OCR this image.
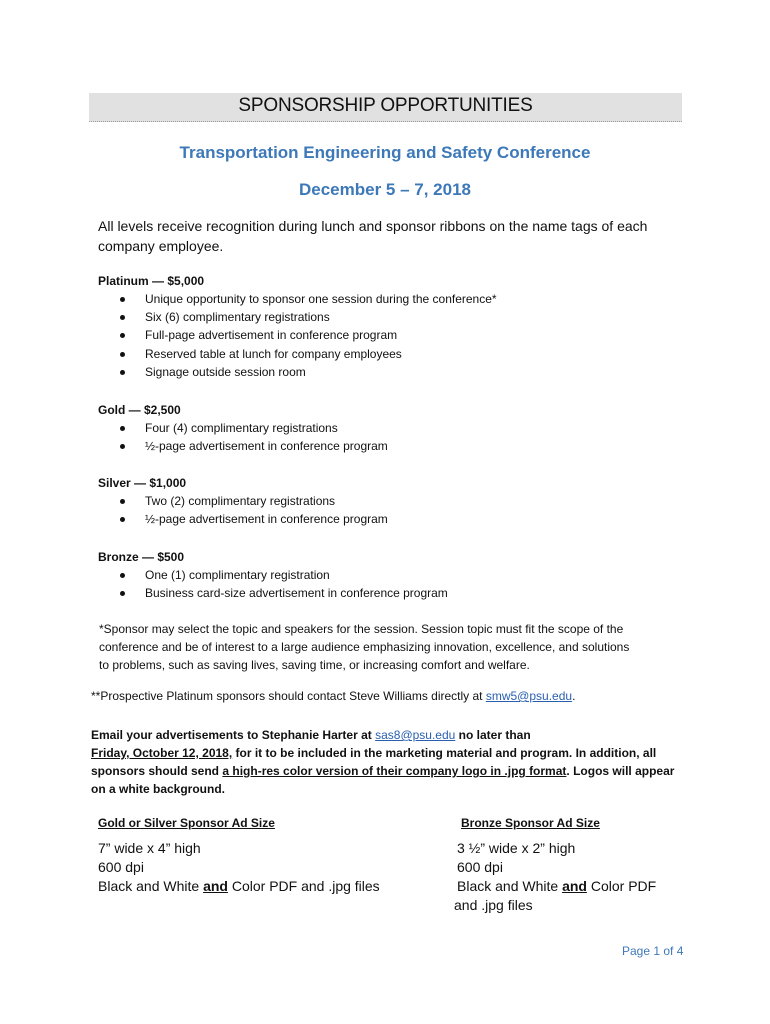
SPONSORSHIP OPPORTUNITIES
Transportation Engineering and Safety Conference
December 5 – 7, 2018
All levels receive recognition during lunch and sponsor ribbons on the name tags of each company employee.
Platinum — $5,000
Unique opportunity to sponsor one session during the conference*
Six (6) complimentary registrations
Full-page advertisement in conference program
Reserved table at lunch for company employees
Signage outside session room
Gold — $2,500
Four (4) complimentary registrations
½-page advertisement in conference program
Silver — $1,000
Two (2) complimentary registrations
½-page advertisement in conference program
Bronze — $500
One (1) complimentary registration
Business card-size advertisement in conference program
*Sponsor may select the topic and speakers for the session. Session topic must fit the scope of the
conference and be of interest to a large audience emphasizing innovation, excellence, and solutions
to problems, such as saving lives, saving time, or increasing comfort and welfare.
**Prospective Platinum sponsors should contact Steve Williams directly at smw5@psu.edu.
Email your advertisements to Stephanie Harter at sas8@psu.edu no later than
Friday, October 12, 2018, for it to be included in the marketing material and program. In addition, all
sponsors should send a high-res color version of their company logo in .jpg format. Logos will appear
on a white background.
Gold or Silver Sponsor Ad Size
7” wide x 4” high
600 dpi
Black and White and Color PDF and .jpg files
Bronze Sponsor Ad Size
3 ½” wide x 2” high
600 dpi
Black and White and Color PDF
and .jpg files
Page 1 of 4
